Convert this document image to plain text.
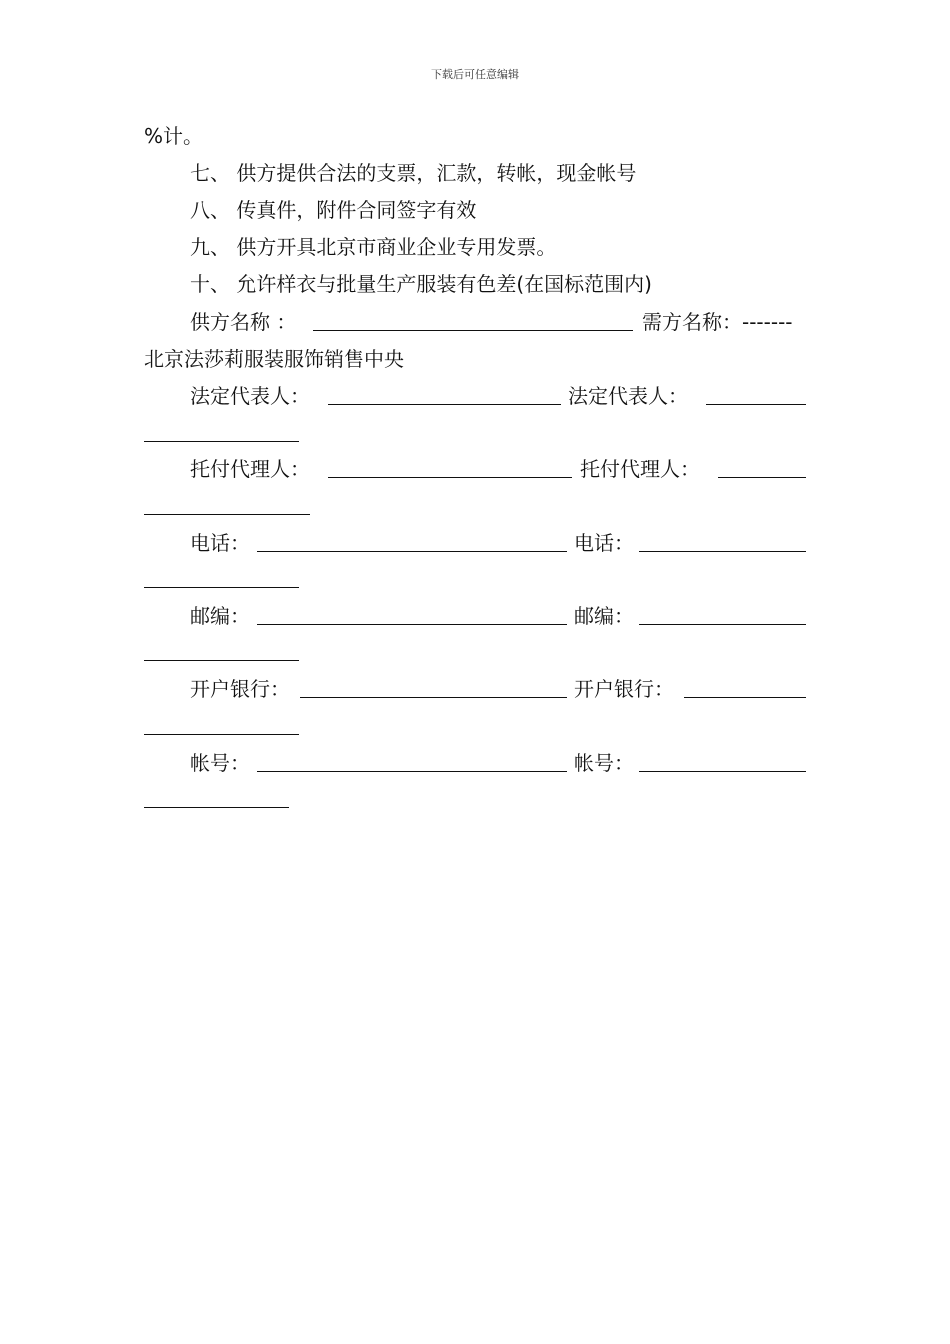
下载后可任意编辑
%计。
七、 供方提供合法的支票，汇款，转帐，现金帐号
八、 传真件，附件合同签字有效
九、 供方开具北京市商业企业专用发票。
十、 允许样衣与批量生产服装有色差(在国标范围内)
供方名称 ：	需方名称：-------
北京法莎莉服装服饰销售中央
法定代表人：	法定代表人：
托付代理人：	托付代理人：
电话：	电话：
邮编：	邮编：
开户银行：	开户银行：
帐号：	帐号：
